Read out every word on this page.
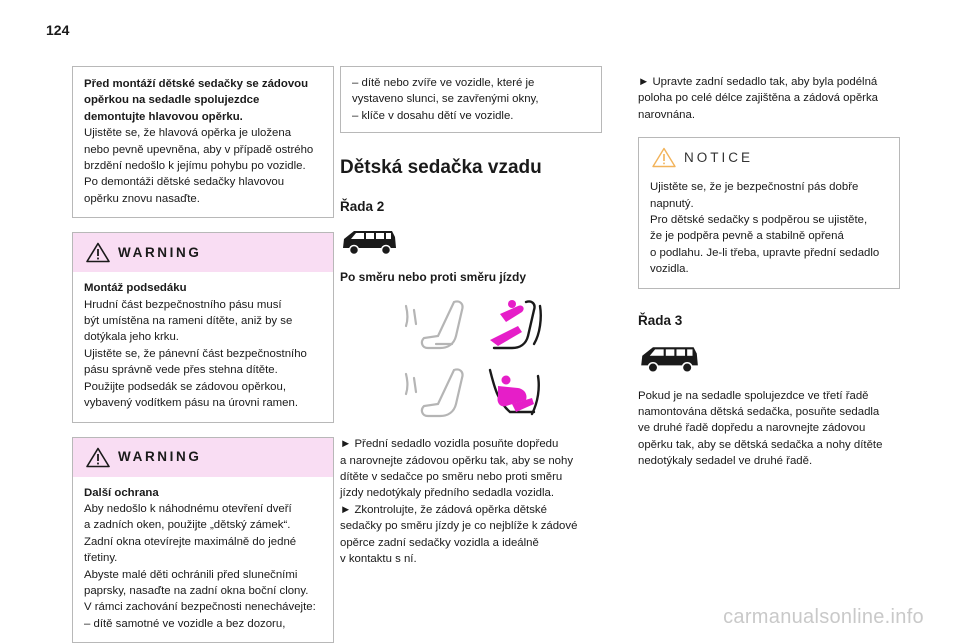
124
Před montáží dětské sedačky se zádovou
opěrkou na sedadle spolujezdce
demontujte hlavovou opěrku.
Ujistěte se, že hlavová opěrka je uložena
nebo pevně upevněna, aby v případě ostrého
brzdění nedošlo k jejímu pohybu po vozidle.
Po demontáži dětské sedačky hlavovou
opěrku znovu nasaďte.
WARNING
Montáž podsedáku
Hrudní část bezpečnostního pásu musí
být umístěna na rameni dítěte, aniž by se
dotýkala jeho krku.
Ujistěte se, že pánevní část bezpečnostního
pásu správně vede přes stehna dítěte.
Použijte podsedák se zádovou opěrkou,
vybavený vodítkem pásu na úrovni ramen.
WARNING
Další ochrana
Aby nedošlo k náhodnému otevření dveří
a zadních oken, použijte „dětský zámek“.
Zadní okna otevírejte maximálně do jedné
třetiny.
Abyste malé děti ochránili před slunečními
paprsky, nasaďte na zadní okna boční clony.
V rámci zachování bezpečnosti nenechávejte:
– dítě samotné ve vozidle a bez dozoru,
– dítě nebo zvíře ve vozidle, které je
vystaveno slunci, se zavřenými okny,
– klíče v dosahu dětí ve vozidle.
Dětská sedačka vzadu
Řada 2
Po směru nebo proti směru jízdy
► Přední sedadlo vozidla posuňte dopředu
a narovnejte zádovou opěrku tak, aby se nohy
dítěte v sedačce po směru nebo proti směru
jízdy nedotýkaly předního sedadla vozidla.
► Zkontrolujte, že zádová opěrka dětské
sedačky po směru jízdy je co nejblíže k zádové
opěrce zadní sedačky vozidla a ideálně
v kontaktu s ní.
► Upravte zadní sedadlo tak, aby byla podélná
poloha po celé délce zajištěna a zádová opěrka
narovnána.
NOTICE
Ujistěte se, že je bezpečnostní pás dobře
napnutý.
Pro dětské sedačky s podpěrou se ujistěte,
že je podpěra pevně a stabilně opřená
o podlahu. Je-li třeba, upravte přední sedadlo
vozidla.
Řada 3
Pokud je na sedadle spolujezdce ve třetí řadě
namontována dětská sedačka, posuňte sedadla
ve druhé řadě dopředu a narovnejte zádovou
opěrku tak, aby se dětská sedačka a nohy dítěte
nedotýkaly sedadel ve druhé řadě.
carmanualsonline.info
